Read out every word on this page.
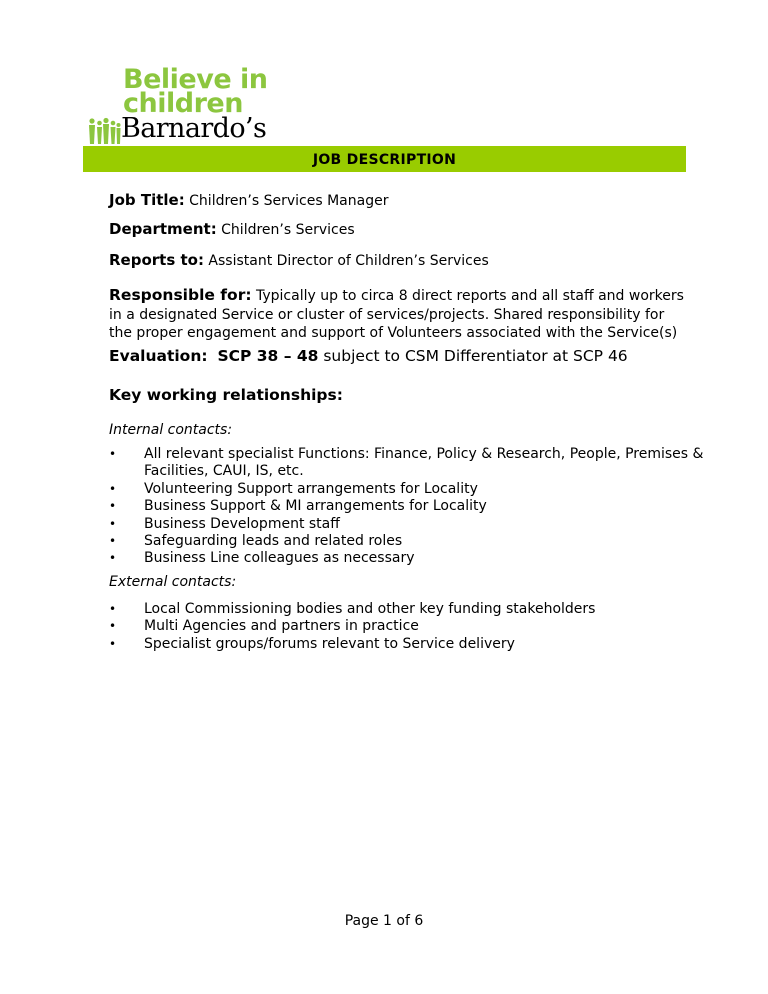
Believe in
children
Barnardo’s
JOB DESCRIPTION
Job Title: Children’s Services Manager
Department: Children’s Services
Reports to: Assistant Director of Children’s Services
Responsible for: Typically up to circa 8 direct reports and all staff and workers
in a designated Service or cluster of services/projects. Shared responsibility for
the proper engagement and support of Volunteers associated with the Service(s)
Evaluation: SCP 38 – 48 subject to CSM Differentiator at SCP 46
Key working relationships:
Internal contacts:
• All relevant specialist Functions: Finance, Policy & Research, People, Premises & Facilities, CAUI, IS, etc.
• Volunteering Support arrangements for Locality
• Business Support & MI arrangements for Locality
• Business Development staff
• Safeguarding leads and related roles
• Business Line colleagues as necessary
External contacts:
• Local Commissioning bodies and other key funding stakeholders
• Multi Agencies and partners in practice
• Specialist groups/forums relevant to Service delivery
Page 1 of 6
